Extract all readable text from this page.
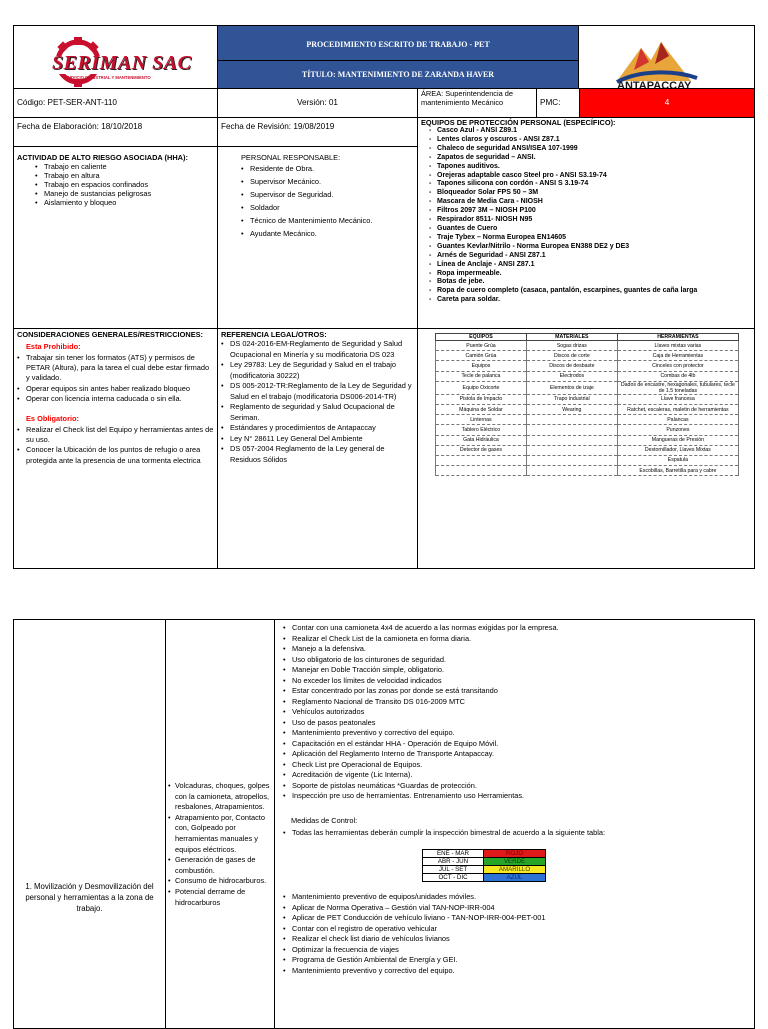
SERIMAN SAC
SERVICIO INDUSTRIAL Y MANTENIMIENTO
PROCEDIMIENTO ESCRITO DE TRABAJO - PET
TÍTULO: MANTENIMIENTO DE ZARANDA HAVER
ANTAPACCAY
Código: PET-SER-ANT-110	Versión: 01
ÁREA: Superintendencia de mantenimiento Mecánico	PMC:	4
Fecha de Elaboración: 18/10/2018	Fecha de Revisión: 19/08/2019
ACTIVIDAD DE ALTO RIESGO ASOCIADA (HHA):
• Trabajo en caliente
• Trabajo en altura
• Trabajo en espacios confinados
• Manejo de sustancias peligrosas
• Aislamiento y bloqueo
PERSONAL RESPONSABLE:
• Residente de Obra.
• Supervisor Mecánico.
• Supervisor de Seguridad.
• Soldador
• Técnico de Mantenimiento Mecánico.
• Ayudante Mecánico.
EQUIPOS DE PROTECCIÓN PERSONAL (ESPECÍFICO):
- Casco Azul - ANSI Z89.1
- Lentes claros y oscuros - ANSI Z87.1
- Chaleco de seguridad ANSI/ISEA 107-1999
- Zapatos de seguridad – ANSI.
- Tapones auditivos.
- Orejeras adaptable casco Steel pro - ANSI S3.19-74
- Tapones silicona con cordón - ANSI S 3.19-74
- Bloqueador Solar FPS 50 – 3M
- Mascara de Media Cara - NIOSH
- Filtros 2097 3M – NIOSH P100
- Respirador 8511- NIOSH N95
- Guantes de Cuero
- Traje Tybex – Norma Europea EN14605
- Guantes Kevlar/Nitrilo - Norma Europea EN388 DE2 y DE3
- Arnés de Seguridad - ANSI Z87.1
- Línea de Anclaje - ANSI Z87.1
- Ropa impermeable.
- Botas de jebe.
- Ropa de cuero completo (casaca, pantalón, escarpines, guantes de caña larga
- Careta para soldar.
CONSIDERACIONES GENERALES/RESTRICCIONES:
Esta Prohibido:
• Trabajar sin tener los formatos (ATS) y permisos de PETAR (Altura), para la tarea el cual debe estar firmado y validado.
• Operar equipos sin antes haber realizado bloqueo
• Operar con licencia interna caducada o sin ella.
Es Obligatorio:
• Realizar el Check list del Equipo y herramientas antes de su uso.
• Conocer la Ubicación de los puntos de refugio o area protegida ante la presencia de una tormenta electrica
REFERENCIA LEGAL/OTROS:
• DS 024-2016-EM-Reglamento de Seguridad y Salud Ocupacional en Minería y su modificatoria DS 023
• Ley 29783: Ley de Seguridad y Salud en el trabajo (modificatoria 30222)
• DS 005-2012-TR:Reglamento de la Ley de Seguridad y Salud en el trabajo (modificatoria DS006-2014-TR)
• Reglamento de seguridad y Salud Ocupacional de Seriman.
• Estándares y procedimientos de Antapaccay
• Ley N° 28611 Ley General Del Ambiente
• DS 057-2004 Reglamento de la Ley general de Residuos Sólidos
EQUIPOS	MATERIALES	HERRAMIENTAS
Puente Grúa	Sogas drizas	Llaves mixtas varias
Camión Grúa	Discos de corte	Caja de Herramientas
Equipos	Discos de desbaste	Cinceles con protector
Tecle de palanca	Electrodos	Combas de 4lb
Equipo Oxicorte	Elementos de izaje	Dados de encastre, hexagonales, tubulares, tecle de 1.5 toneladas
Pistola de Impacto	Trapo industrial	Llave francesa
Máquina de Soldar	Wearing	Ratchet, escaleras, maletin de herramientas
Linternas		Palancas
Tablero Eléctrico		Punzones
Gata Hidráulica		Mangueras de Presión
Detector de gases		Destornillador, Llaves Mixtas
		Espatula
		Escobillas, Barretilla para y cabre
1. Movilización y Desmovilización del personal y herramientas a la zona de trabajo.
• Volcaduras, choques, golpes con la camioneta, atropellos, resbalones, Atrapamientos.
• Atrapamiento por, Contacto con, Golpeado por herramientas manuales y equipos eléctricos.
• Generación de gases de combustión.
• Consumo de hidrocarburos.
• Potencial derrame de hidrocarburos
• Contar con una camioneta 4x4 de acuerdo a las normas exigidas por la empresa.
• Realizar el Check List de la camioneta en forma diaria.
• Manejo a la defensiva.
• Uso obligatorio de los cinturones de seguridad.
• Manejar en Doble Tracción simple, obligatorio.
• No exceder los límites de velocidad indicados
• Estar concentrado por las zonas por donde se está transitando
• Reglamento Nacional de Transito DS 016-2009 MTC
• Vehículos autorizados
• Uso de pasos peatonales
• Mantenimiento preventivo y correctivo del equipo.
• Capacitación en el estándar HHA - Operación de Equipo Móvil.
• Aplicación del Reglamento Interno de Transporte Antapaccay.
• Check List pre Operacional de Equipos.
• Acreditación de vigente (Lic Interna).
• Soporte de pistolas neumáticas *Guardas de protección.
• Inspección pre uso de herramientas. Entrenamiento uso Herramientas.
Medidas de Control:
• Todas las herramientas deberán cumplir la inspección bimestral de acuerdo a la siguiente tabla:
ENE - MAR	ROJO
ABR - JUN	VERDE
JUL - SET	AMARILLO
OCT - DIC	AZUL
• Mantenimiento preventivo de equipos/unidades móviles.
• Aplicar de Norma Operativa – Gestión vial TAN-NOP-IRR-004
• Aplicar de PET Conducción de vehículo liviano - TAN-NOP-IRR-004-PET-001
• Contar con el registro de operativo vehicular
• Realizar el check list diario de vehículos livianos
• Optimizar la frecuencia de viajes
• Programa de Gestión Ambiental de Energía y GEI.
• Mantenimiento preventivo y correctivo del equipo.
